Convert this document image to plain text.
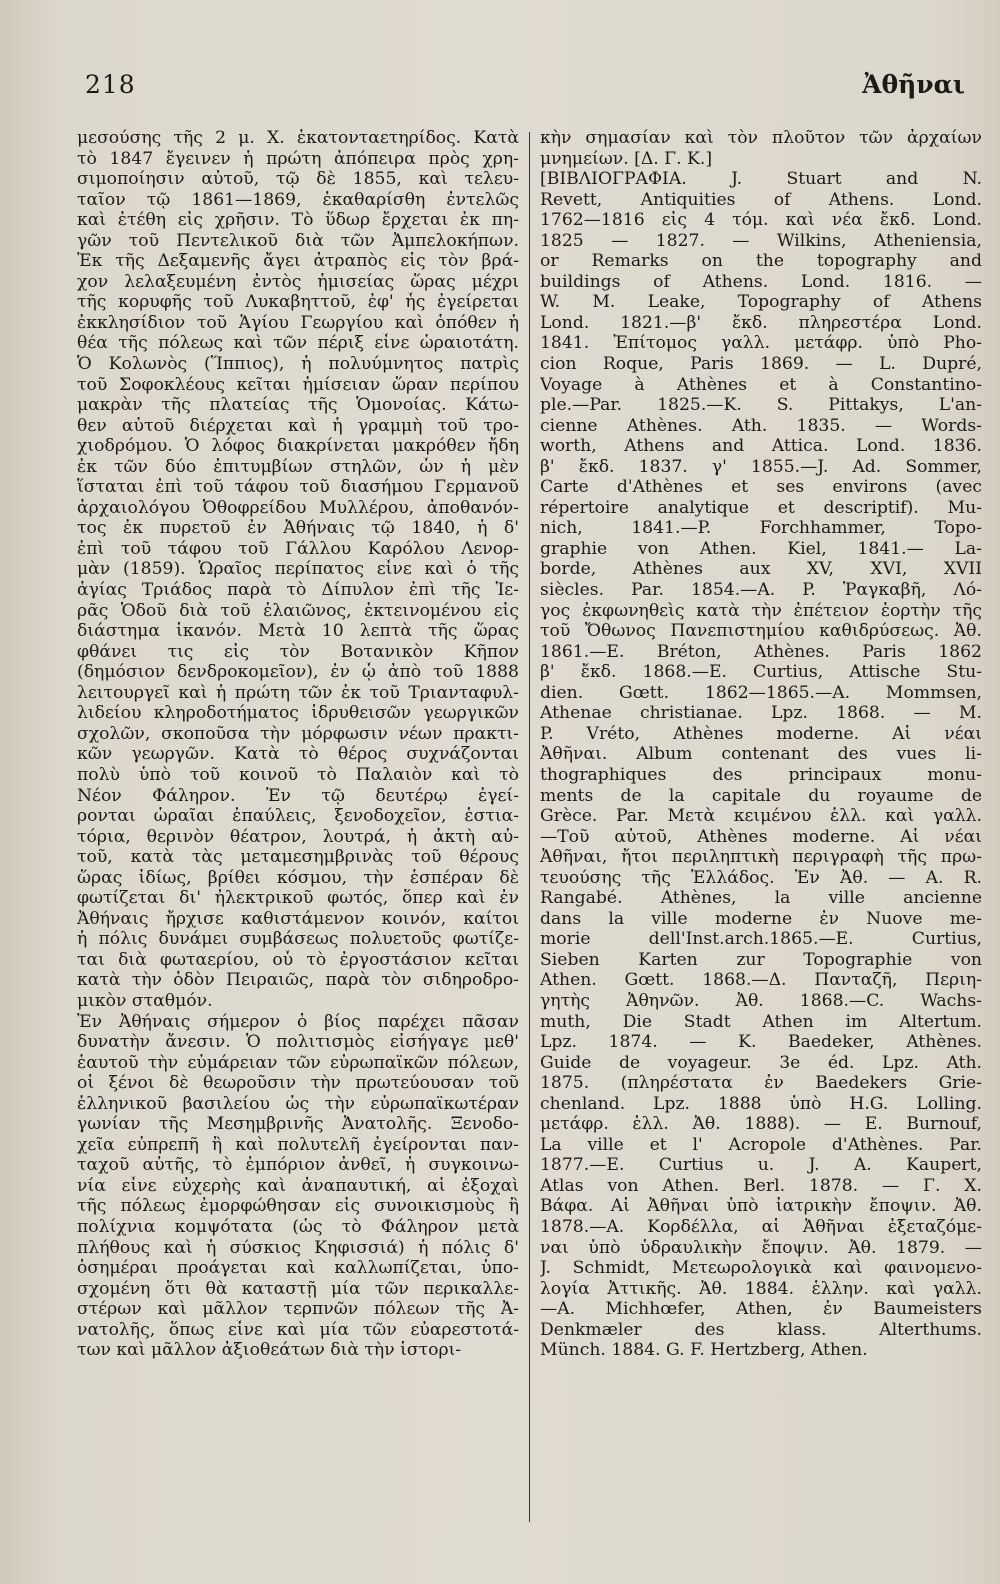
218	Ἀθῆναι
μεσούσης τῆς 2 μ. Χ. ἑκατονταετηρίδος. Κατὰ
τὸ 1847 ἔγεινεν ἡ πρώτη ἀπόπειρα πρὸς χρη-
σιμοποίησιν αὐτοῦ, τῷ δὲ 1855, καὶ τελευ-
ταῖον τῷ 1861—1869, ἐκαθαρίσθη ἐντελῶς
καὶ ἐτέθη εἰς χρῆσιν. Τὸ ὕδωρ ἔρχεται ἐκ πη-
γῶν τοῦ Πεντελικοῦ διὰ τῶν Ἀμπελοκήπων.
Ἐκ τῆς Δεξαμενῆς ἄγει ἀτραπὸς εἰς τὸν βρά-
χον λελαξευμένη ἐντὸς ἡμισείας ὥρας μέχρι
τῆς κορυφῆς τοῦ Λυκαβηττοῦ, ἐφ' ἧς ἐγείρεται
ἐκκλησίδιον τοῦ Ἁγίου Γεωργίου καὶ ὁπόθεν ἡ
θέα τῆς πόλεως καὶ τῶν πέριξ εἶνε ὡραιοτάτη.
Ὁ Κολωνὸς (Ἵππιος), ἡ πολυύμνητος πατρὶς
τοῦ Σοφοκλέους κεῖται ἡμίσειαν ὥραν περίπου
μακρὰν τῆς πλατείας τῆς Ὁμονοίας. Κάτω-
θεν αὐτοῦ διέρχεται καὶ ἡ γραμμὴ τοῦ τρο-
χιοδρόμου. Ὁ λόφος διακρίνεται μακρόθεν ἤδη
ἐκ τῶν δύο ἐπιτυμβίων στηλῶν, ὧν ἡ μὲν
ἵσταται ἐπὶ τοῦ τάφου τοῦ διασήμου Γερμανοῦ
ἀρχαιολόγου Ὀθοφρείδου Μυλλέρου, ἀποθανόν-
τος ἐκ πυρετοῦ ἐν Ἀθήναις τῷ 1840, ἡ δ'
ἐπὶ τοῦ τάφου τοῦ Γάλλου Καρόλου Λενορ-
μὰν (1859). Ὡραῖος περίπατος εἶνε καὶ ὁ τῆς
ἁγίας Τριάδος παρὰ τὸ Δίπυλον ἐπὶ τῆς Ἱε-
ρᾶς Ὁδοῦ διὰ τοῦ ἐλαιῶνος, ἐκτεινομένου εἰς
διάστημα ἱκανόν. Μετὰ 10 λεπτὰ τῆς ὥρας
φθάνει τις εἰς τὸν Βοτανικὸν Κῆπον
(δημόσιον δενδροκομεῖον), ἐν ᾧ ἀπὸ τοῦ 1888
λειτουργεῖ καὶ ἡ πρώτη τῶν ἐκ τοῦ Τριανταφυλ-
λιδείου κληροδοτήματος ἱδρυθεισῶν γεωργικῶν
σχολῶν, σκοποῦσα τὴν μόρφωσιν νέων πρακτι-
κῶν γεωργῶν. Κατὰ τὸ θέρος συχνάζονται
πολὺ ὑπὸ τοῦ κοινοῦ τὸ Παλαιὸν καὶ τὸ
Νέον Φάληρον. Ἐν τῷ δευτέρῳ ἐγεί-
ρονται ὡραῖαι ἐπαύλεις, ξενοδοχεῖον, ἑστια-
τόρια, θερινὸν θέατρον, λουτρά, ἡ ἀκτὴ αὐ-
τοῦ, κατὰ τὰς μεταμεσημβρινὰς τοῦ θέρους
ὥρας ἰδίως, βρίθει κόσμου, τὴν ἑσπέραν δὲ
φωτίζεται δι' ἠλεκτρικοῦ φωτός, ὅπερ καὶ ἐν
Ἀθήναις ἤρχισε καθιστάμενον κοινόν, καίτοι
ἡ πόλις δυνάμει συμβάσεως πολυετοῦς φωτίζε-
ται διὰ φωταερίου, οὗ τὸ ἐργοστάσιον κεῖται
κατὰ τὴν ὁδὸν Πειραιῶς, παρὰ τὸν σιδηροδρο-
μικὸν σταθμόν.
Ἐν Ἀθήναις σήμερον ὁ βίος παρέχει πᾶσαν
δυνατὴν ἄνεσιν. Ὁ πολιτισμὸς εἰσήγαγε μεθ'
ἑαυτοῦ τὴν εὐμάρειαν τῶν εὐρωπαϊκῶν πόλεων,
οἱ ξένοι δὲ θεωροῦσιν τὴν πρωτεύουσαν τοῦ
ἑλληνικοῦ βασιλείου ὡς τὴν εὐρωπαϊκωτέραν
γωνίαν τῆς Μεσημβρινῆς Ἀνατολῆς. Ξενοδο-
χεῖα εὐπρεπῆ ἢ καὶ πολυτελῆ ἐγείρονται παν-
ταχοῦ αὐτῆς, τὸ ἐμπόριον ἀνθεῖ, ἡ συγκοινω-
νία εἶνε εὐχερὴς καὶ ἀναπαυτική, αἱ ἐξοχαὶ
τῆς πόλεως ἐμορφώθησαν εἰς συνοικισμοὺς ἢ
πολίχνια κομψότατα (ὡς τὸ Φάληρον μετὰ
πλήθους καὶ ἡ σύσκιος Κηφισσιά) ἡ πόλις δ'
ὁσημέραι προάγεται καὶ καλλωπίζεται, ὑπο-
σχομένη ὅτι θὰ καταστῇ μία τῶν περικαλλε-
στέρων καὶ μᾶλλον τερπνῶν πόλεων τῆς Ἀ-
νατολῆς, ὅπως εἶνε καὶ μία τῶν εὐαρεστοτά-
των καὶ μᾶλλον ἀξιοθεάτων διὰ τὴν ἱστορι-
κὴν σημασίαν καὶ τὸν πλοῦτον τῶν ἀρχαίων
μνημείων. [Δ. Γ. Κ.]
[ΒΙΒΛΙΟΓΡΑΦΙΑ. J. Stuart and N.
Revett, Antiquities of Athens. Lond.
1762—1816 εἰς 4 τόμ. καὶ νέα ἔκδ. Lond.
1825 — 1827. — Wilkins, Atheniensia,
or Remarks on the topography and
buildings of Athens. Lond. 1816. —
W. M. Leake, Topography of Athens
Lond. 1821.—β' ἔκδ. πληρεστέρα Lond.
1841. Ἐπίτομος γαλλ. μετάφρ. ὑπὸ Pho-
cion Roque, Paris 1869. — L. Dupré,
Voyage à Athènes et à Constantino-
ple.—Par. 1825.—K. S. Pittakys, L'an-
cienne Athènes. Ath. 1835. — Words-
worth, Athens and Attica. Lond. 1836.
β' ἔκδ. 1837. γ' 1855.—J. Ad. Sommer,
Carte d'Athènes et ses environs (avec
répertoire analytique et descriptif). Mu-
nich, 1841.—P. Forchhammer, Topo-
graphie von Athen. Kiel, 1841.— La-
borde, Athènes aux XV, XVI, XVII
siècles. Par. 1854.—A. P. Ῥαγκαβῆ, Λό-
γος ἐκφωνηθεὶς κατὰ τὴν ἐπέτειον ἑορτὴν τῆς
τοῦ Ὄθωνος Πανεπιστημίου καθιδρύσεως. Ἀθ.
1861.—E. Bréton, Athènes. Paris 1862
β' ἔκδ. 1868.—E. Curtius, Attische Stu-
dien. Gœtt. 1862—1865.—A. Mommsen,
Athenae christianae. Lpz. 1868. — M.
P. Vréto, Athènes moderne. Αἱ νέαι
Ἀθῆναι. Album contenant des vues li-
thographiques des principaux monu-
ments de la capitale du royaume de
Grèce. Par. Μετὰ κειμένου ἑλλ. καὶ γαλλ.
—Τοῦ αὐτοῦ, Athènes moderne. Αἱ νέαι
Ἀθῆναι, ἤτοι περιληπτικὴ περιγραφὴ τῆς πρω-
τευούσης τῆς Ἑλλάδος. Ἐν Ἀθ. — A. R.
Rangabé. Athènes, la ville ancienne
dans la ville moderne ἐν Nuove me-
morie dell'Inst.arch.1865.—E. Curtius,
Sieben Karten zur Topographie von
Athen. Gœtt. 1868.—Δ. Πανταζῆ, Περιη-
γητὴς Ἀθηνῶν. Ἀθ. 1868.—C. Wachs-
muth, Die Stadt Athen im Altertum.
Lpz. 1874. — K. Baedeker, Athènes.
Guide de voyageur. 3e éd. Lpz. Ath.
1875. (πληρέστατα ἐν Baedekers Grie-
chenland. Lpz. 1888 ὑπὸ H.G. Lolling.
μετάφρ. ἑλλ. Ἀθ. 1888). — E. Burnouf,
La ville et l' Acropole d'Athènes. Par.
1877.—E. Curtius u. J. A. Kaupert,
Atlas von Athen. Berl. 1878. — Γ. Χ.
Βάφα. Αἱ Ἀθῆναι ὑπὸ ἰατρικὴν ἔποψιν. Ἀθ.
1878.—Α. Κορδέλλα, αἱ Ἀθῆναι ἐξεταζόμε-
ναι ὑπὸ ὑδραυλικὴν ἔποψιν. Ἀθ. 1879. —
J. Schmidt, Μετεωρολογικὰ καὶ φαινομενο-
λογία Ἀττικῆς. Ἀθ. 1884. ἑλλην. καὶ γαλλ.
—A. Michhœfer, Athen, ἐν Baumeisters
Denkmæler des klass. Alterthums.
Münch. 1884. G. F. Hertzberg, Athen.
